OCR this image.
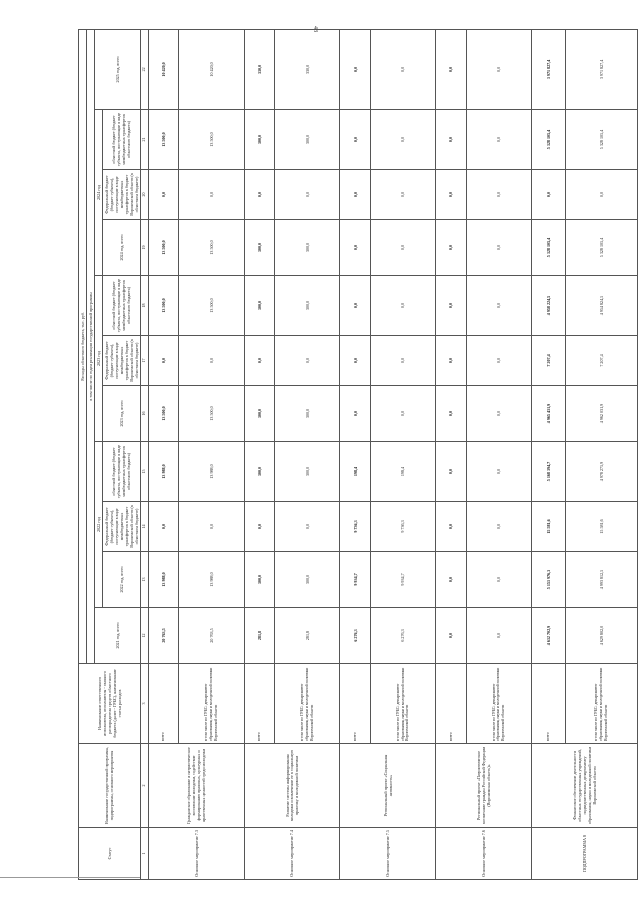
48
Статус	Наименование государственной программы, подпрограммы, основного мероприятия	Наименование ответственного исполнителя, исполнителя - главного распорядителя средств областного бюджета (далее - ГРБС), наименование статьи расходов	Расходы областного бюджета, тыс. руб.										
			в том числе по годам реализации государственной программы										
			2021 год, всего	2022 год			2023 год			2024 год			2025 год, всего
				2022 год, всего	Федеральный бюджет (бюджет субъекта), поступающие в виде межбюджетных трансфертов в бюджет Воронежской области (в областном бюджете)	областной бюджет (бюджет субъекта, поступающие в виде межбюджетных трансфертов областного бюджета)	2023 год, всего	Федеральный бюджет (бюджет субъекта), поступающие в виде межбюджетных трансфертов в бюджет Воронежской области (в областном бюджете)	областной бюджет (бюджет субъекта, поступающие в виде межбюджетных трансфертов областного бюджета)	2024 год, всего	Федеральный бюджет (бюджет субъекта), поступающие в виде межбюджетных трансфертов в бюджет Воронежской области (в областном бюджете)	областной бюджет (бюджет субъекта, поступающие в виде межбюджетных трансфертов областного бюджета)	
1	2	3	12	13	14	15	16	17	18	19	20	21	22
Основное мероприятие 7.3	Гражданское образование и патриотическое воспитание молодежи, содействие формированию правовых, культурных и нравственных ценностей среди молодежи	всего	20 763,5	13 988,0	0,0	13 988,0	13 500,0	0,0	13 500,0	13 500,0	0,0	13 500,0	10 420,0
		в том числе по ГРБС: департамент образования, науки и молодежной политики Воронежской области	20 763,5	13 988,0	0,0	13 988,0	13 500,0	0,0	13 500,0	13 500,0	0,0	13 500,0	10 420,0
Основное мероприятие 7.4	Развитие системы информирования молодежи и вовлечение ее в социальную практику и молодежной политики	всего	281,8	300,0	0,0	300,0	300,0	0,0	300,0	300,0	0,0	300,0	330,0
		в том числе по ГРБС: департамент образования, науки и молодежной политики Воронежской области	281,8	300,0	0,0	300,0	300,0	0,0	300,0	300,0	0,0	300,0	330,0
Основное мероприятие 7.5	Региональный проект «Социальная активность»	всего	6 276,3	9 934,7	9 736,3	198,4	0,0	0,0	0,0	0,0	0,0	0,0	0,0
		в том числе по ГРБС: департамент образования, науки и молодежной политики Воронежской области	6 276,3	9 934,7	9 736,3	198,4	0,0	0,0	0,0	0,0	0,0	0,0	0,0
Основное мероприятие 7.6	Региональный проект «Патриотическое воспитание граждан Российской Федерации (Воронежская область)»	всего	0,0	0,0	0,0	0,0	0,0	0,0	0,0	0,0	0,0	0,0	0,0
		в том числе по ГРБС: департамент образования, науки и молодежной политики Воронежской области	0,0	0,0	0,0	0,0	0,0	0,0	0,0	0,0	0,0	0,0	0,0
ПОДПРОГРАММА 8	Финансовое обеспечение деятельности областных государственных учреждений, подведомственных департаменту образования, науки и молодежной политики Воронежской области	всего	4 632 702,9	5 153 976,3	15 581,6	5 168 394,7	4 965 431,9	7 207,4	4 958 224,5	5 328 105,4	0,0	5 328 105,4	3 971 827,4
		в том числе по ГРБС: департамент образования, науки и молодежной политики Воронежской области	4 629 802,0	4 993 812,5	15 581,6	4 978 275,9	4 962 031,9	7 207,4	4 954 824,5	5 328 105,4	0,0	5 328 105,4	3 971 827,4
